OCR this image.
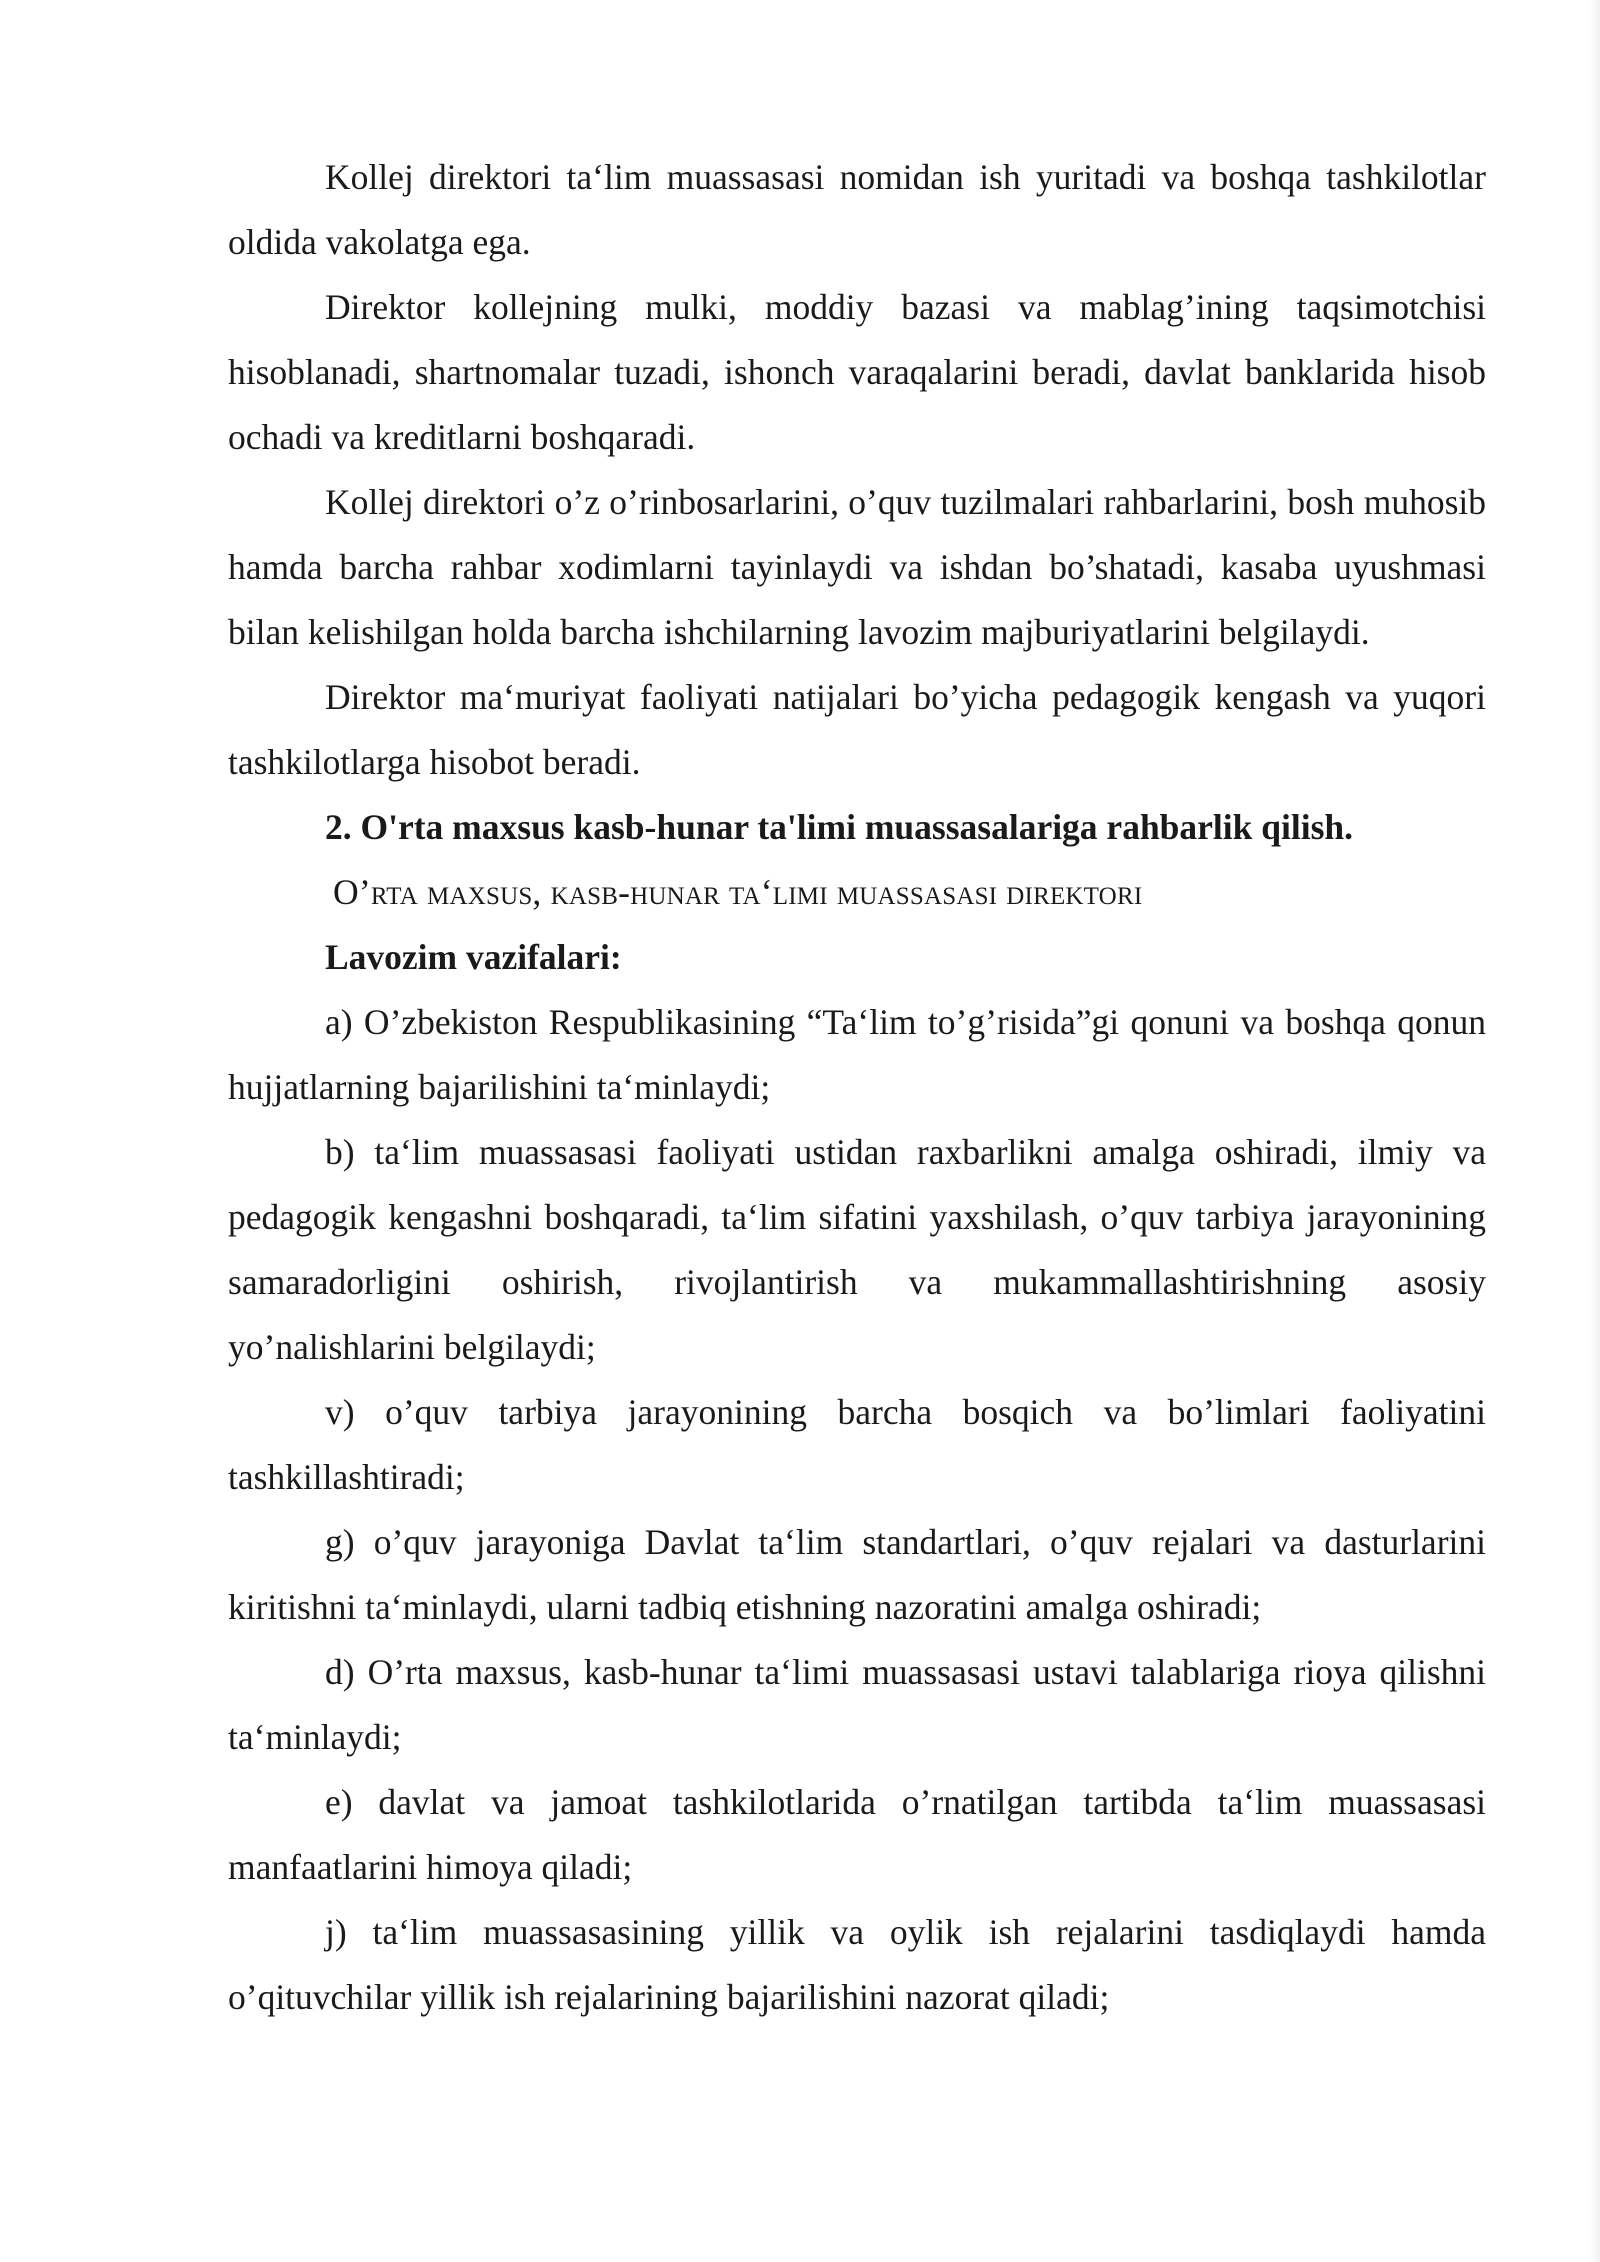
Kollej direktori ta‘lim muassasasi nomidan ish yuritadi va boshqa tashkilotlar oldida vakolatga ega.

Direktor kollejning mulki, moddiy bazasi va mablag’ining taqsimotchisi hisoblanadi, shartnomalar tuzadi, ishonch varaqalarini beradi, davlat banklarida hisob ochadi va kreditlarni boshqaradi.

Kollej direktori o’z o’rinbosarlarini, o’quv tuzilmalari rahbarlarini, bosh muhosib hamda barcha rahbar xodimlarni tayinlaydi va ishdan bo’shatadi, kasaba uyushmasi bilan kelishilgan holda barcha ishchilarning lavozim majburiyatlarini belgilaydi.

Direktor ma‘muriyat faoliyati natijalari bo’yicha pedagogik kengash va yuqori tashkilotlarga hisobot beradi.

2. O'rta maxsus kasb-hunar ta'limi muassasalariga rahbarlik qilish.

O’rta maxsus, kasb-hunar ta‘limi muassasasi direktori

Lavozim vazifalari:

a) O’zbekiston Respublikasining “Ta‘lim to’g’risida”gi qonuni va boshqa qonun hujjatlarning bajarilishini ta‘minlaydi;

b) ta‘lim muassasasi faoliyati ustidan raxbarlikni amalga oshiradi, ilmiy va pedagogik kengashni boshqaradi, ta‘lim sifatini yaxshilash, o’quv tarbiya jarayonining samaradorligini oshirish, rivojlantirish va mukammallashtirishning asosiy yo’nalishlarini belgilaydi;

v) o’quv tarbiya jarayonining barcha bosqich va bo’limlari faoliyatini tashkillashtiradi;

g) o’quv jarayoniga Davlat ta‘lim standartlari, o’quv rejalari va dasturlarini kiritishni ta‘minlaydi, ularni tadbiq etishning nazoratini amalga oshiradi;

d) O’rta maxsus, kasb-hunar ta‘limi muassasasi ustavi talablariga rioya qilishni ta‘minlaydi;

e) davlat va jamoat tashkilotlarida o’rnatilgan tartibda ta‘lim muassasasi manfaatlarini himoya qiladi;

j) ta‘lim muassasasining yillik va oylik ish rejalarini tasdiqlaydi hamda o’qituvchilar yillik ish rejalarining bajarilishini nazorat qiladi;
